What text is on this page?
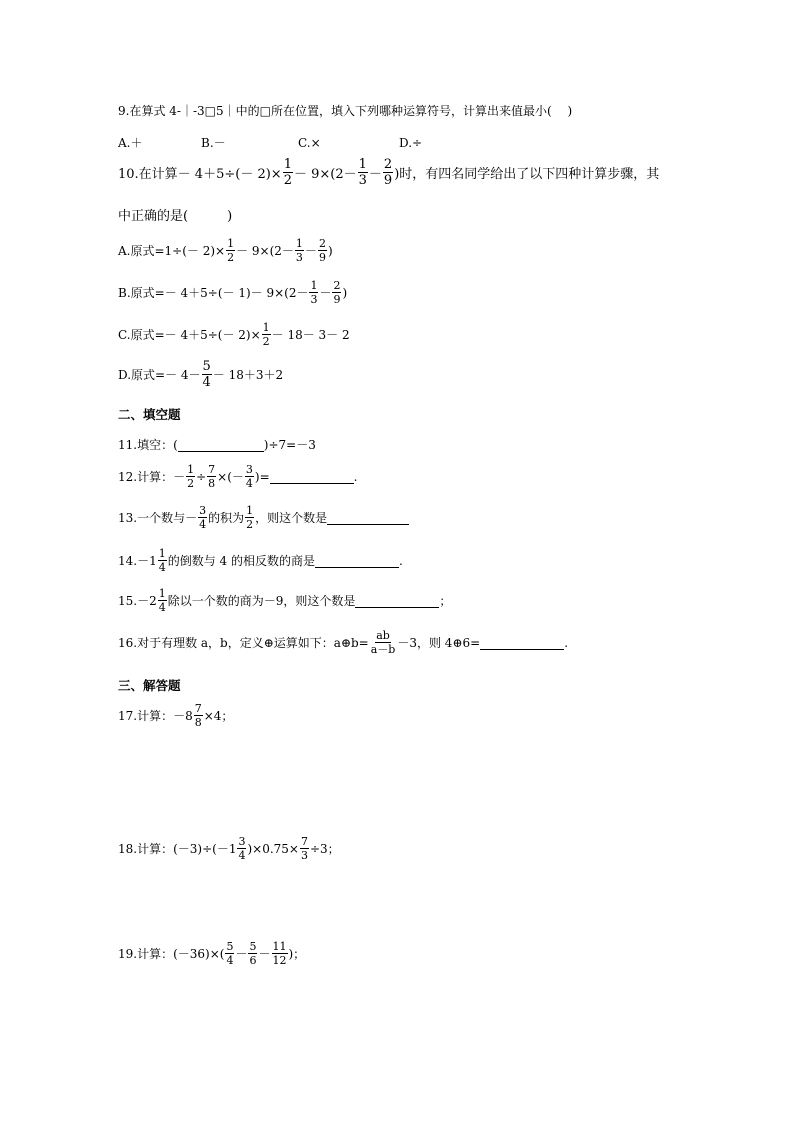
9.在算式 4-｜-3□5｜中的□所在位置，填入下列哪种运算符号，计算出来值最小(　 )
A.＋	B.－	C.×	D.÷
10.在计算－ $4+5\div(- 2)\times \frac{1}{2} - 9\times(2- \frac{1}{3} - \frac{2}{9}$ )时，有四名同学给出了以下四种计算步骤，其
中正确的是(　　　)
A.原式$=1\div(- 2)\times \frac{1}{2} - 9\times(2- \frac{1}{3} - \frac{2}{9}$ )
B.原式=－ $4+5\div(- 1)- 9\times(2- \frac{1}{3} - \frac{2}{9}$ )
C.原式=－ $4+5\div(- 2)\times \frac{1}{2} - 18- 3- 2$
D.原式=－ $4- \frac{5}{4} - 18+3+2$
二、填空题
11.填空：(
	)÷7=－3
12.计算：－ $\frac{1}{2} \div \frac{7}{8}$ ×(－ $\frac{3}{4}$ )=
	.
13.一个数与－ $\frac{3}{4}$ 的积为 $\frac{1}{2}$ ，则这个数是

$14.-1 \frac{1}{4}$ 的倒数与 4 的相反数的商是
	.
$15.-2 \frac{1}{4}$ 除以一个数的商为－9，则这个数是
	；
16.对于有理数 a，b，定义⊕运算如下：a⊕b= $\frac{ab}{a-b} -3$，则 4⊕6=
	.
三、解答题
17.计算：$-8 \frac{7}{8} \times 4$；
18.计算：$(-3)\div(-1 \frac{3}{4} )\times 0.75\times \frac{7}{3} \div 3$；
19.计算：$(-36)\times( \frac{5}{4} - \frac{5}{6} - \frac{11}{12}$ )；
